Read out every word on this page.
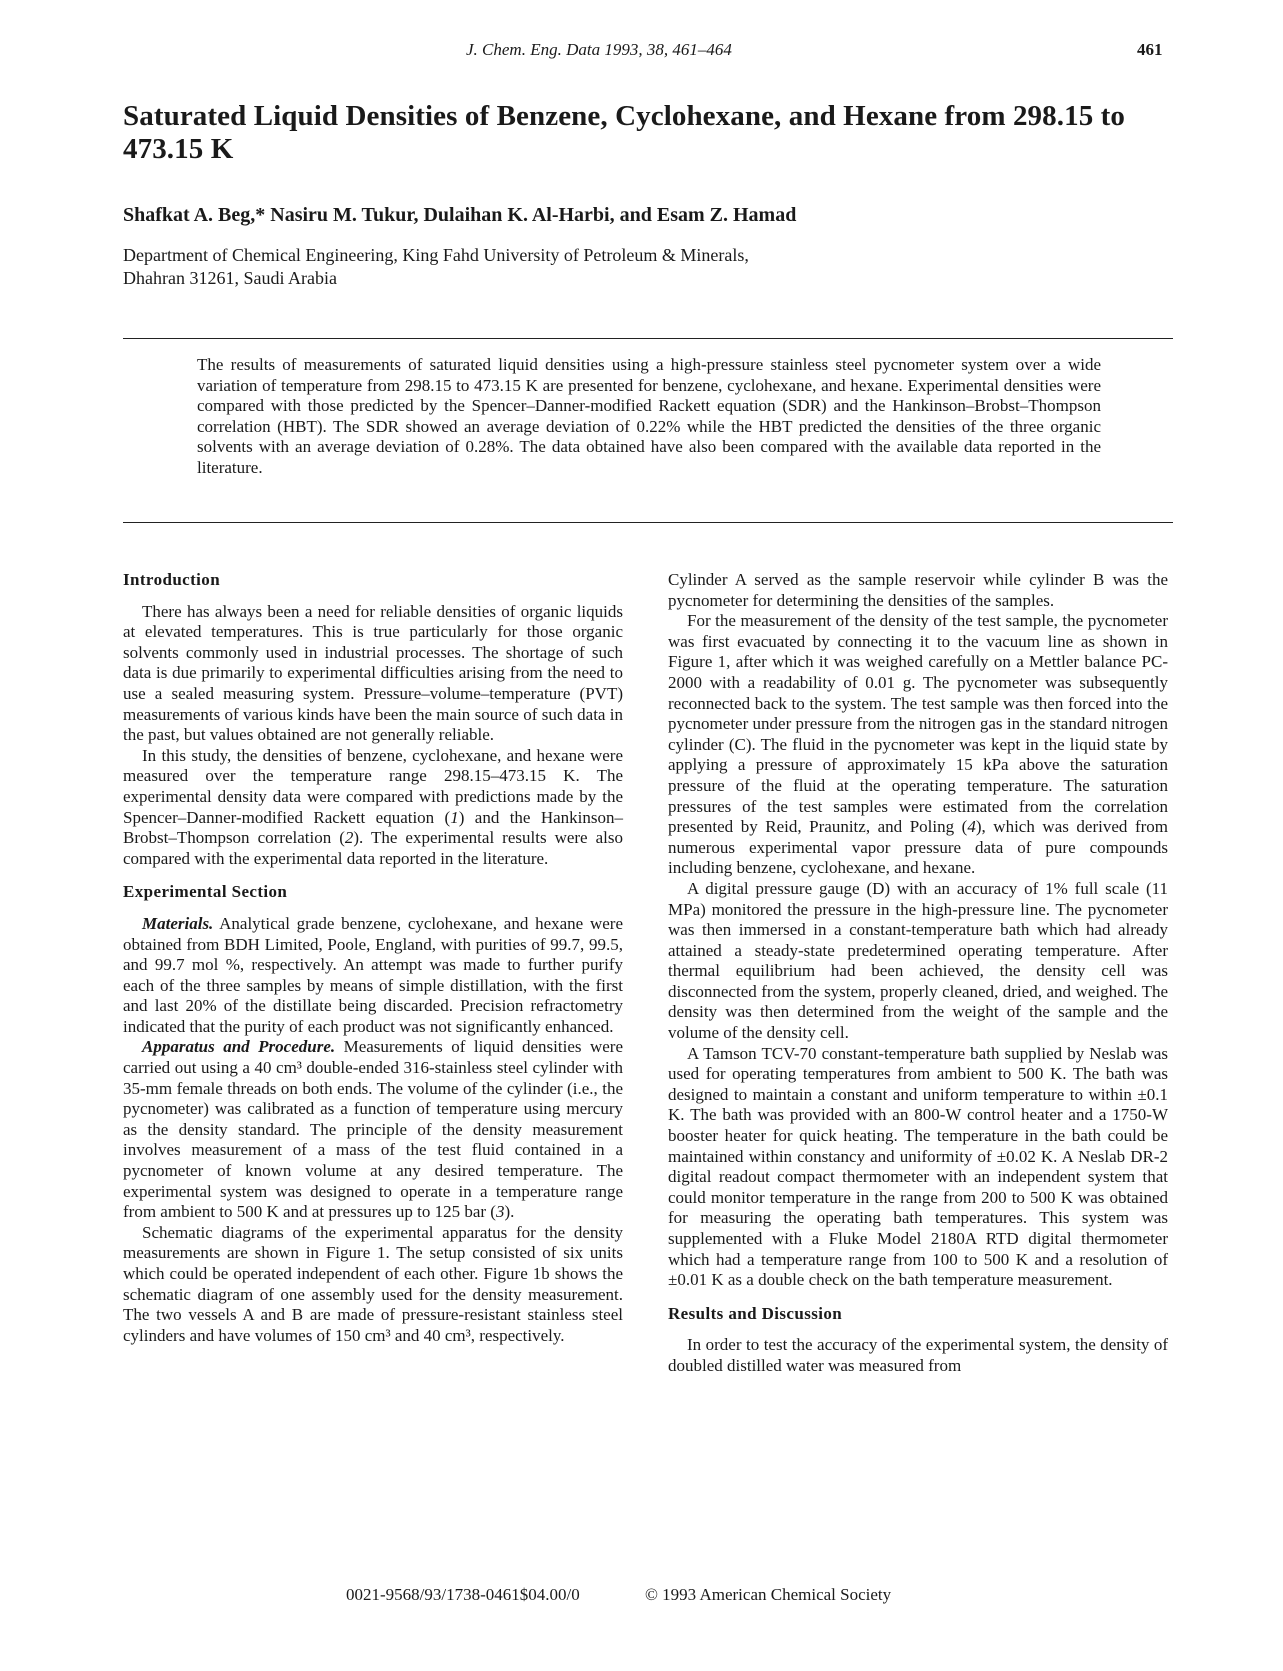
J. Chem. Eng. Data 1993, 38, 461–464	461
Saturated Liquid Densities of Benzene, Cyclohexane, and Hexane from 298.15 to 473.15 K
Shafkat A. Beg,* Nasiru M. Tukur, Dulaihan K. Al-Harbi, and Esam Z. Hamad
Department of Chemical Engineering, King Fahd University of Petroleum & Minerals,
Dhahran 31261, Saudi Arabia
The results of measurements of saturated liquid densities using a high-pressure stainless steel pycnometer system over a wide variation of temperature from 298.15 to 473.15 K are presented for benzene, cyclohexane, and hexane. Experimental densities were compared with those predicted by the Spencer–Danner-modified Rackett equation (SDR) and the Hankinson–Brobst–Thompson correlation (HBT). The SDR showed an average deviation of 0.22% while the HBT predicted the densities of the three organic solvents with an average deviation of 0.28%. The data obtained have also been compared with the available data reported in the literature.
Introduction

There has always been a need for reliable densities of organic liquids at elevated temperatures. This is true particularly for those organic solvents commonly used in industrial processes. The shortage of such data is due primarily to experimental difficulties arising from the need to use a sealed measuring system. Pressure–volume–temperature (PVT) measurements of various kinds have been the main source of such data in the past, but values obtained are not generally reliable.

In this study, the densities of benzene, cyclohexane, and hexane were measured over the temperature range 298.15–473.15 K. The experimental density data were compared with predictions made by the Spencer–Danner-modified Rackett equation (1) and the Hankinson–Brobst–Thompson correlation (2). The experimental results were also compared with the experimental data reported in the literature.

Experimental Section

Materials. Analytical grade benzene, cyclohexane, and hexane were obtained from BDH Limited, Poole, England, with purities of 99.7, 99.5, and 99.7 mol %, respectively. An attempt was made to further purify each of the three samples by means of simple distillation, with the first and last 20% of the distillate being discarded. Precision refractometry indicated that the purity of each product was not significantly enhanced.

Apparatus and Procedure. Measurements of liquid densities were carried out using a 40 cm³ double-ended 316-stainless steel cylinder with 35-mm female threads on both ends. The volume of the cylinder (i.e., the pycnometer) was calibrated as a function of temperature using mercury as the density standard. The principle of the density measurement involves measurement of a mass of the test fluid contained in a pycnometer of known volume at any desired temperature. The experimental system was designed to operate in a temperature range from ambient to 500 K and at pressures up to 125 bar (3).

Schematic diagrams of the experimental apparatus for the density measurements are shown in Figure 1. The setup consisted of six units which could be operated independent of each other. Figure 1b shows the schematic diagram of one assembly used for the density measurement. The two vessels A and B are made of pressure-resistant stainless steel cylinders and have volumes of 150 cm³ and 40 cm³, respectively.

Cylinder A served as the sample reservoir while cylinder B was the pycnometer for determining the densities of the samples.

For the measurement of the density of the test sample, the pycnometer was first evacuated by connecting it to the vacuum line as shown in Figure 1, after which it was weighed carefully on a Mettler balance PC-2000 with a readability of 0.01 g. The pycnometer was subsequently reconnected back to the system. The test sample was then forced into the pycnometer under pressure from the nitrogen gas in the standard nitrogen cylinder (C). The fluid in the pycnometer was kept in the liquid state by applying a pressure of approximately 15 kPa above the saturation pressure of the fluid at the operating temperature. The saturation pressures of the test samples were estimated from the correlation presented by Reid, Praunitz, and Poling (4), which was derived from numerous experimental vapor pressure data of pure compounds including benzene, cyclohexane, and hexane.

A digital pressure gauge (D) with an accuracy of 1% full scale (11 MPa) monitored the pressure in the high-pressure line. The pycnometer was then immersed in a constant-temperature bath which had already attained a steady-state predetermined operating temperature. After thermal equilibrium had been achieved, the density cell was disconnected from the system, properly cleaned, dried, and weighed. The density was then determined from the weight of the sample and the volume of the density cell.

A Tamson TCV-70 constant-temperature bath supplied by Neslab was used for operating temperatures from ambient to 500 K. The bath was designed to maintain a constant and uniform temperature to within ±0.1 K. The bath was provided with an 800-W control heater and a 1750-W booster heater for quick heating. The temperature in the bath could be maintained within constancy and uniformity of ±0.02 K. A Neslab DR-2 digital readout compact thermometer with an independent system that could monitor temperature in the range from 200 to 500 K was obtained for measuring the operating bath temperatures. This system was supplemented with a Fluke Model 2180A RTD digital thermometer which had a temperature range from 100 to 500 K and a resolution of ±0.01 K as a double check on the bath temperature measurement.

Results and Discussion

In order to test the accuracy of the experimental system, the density of doubled distilled water was measured from

0021-9568/93/1738-0461$04.00/0	© 1993 American Chemical Society
